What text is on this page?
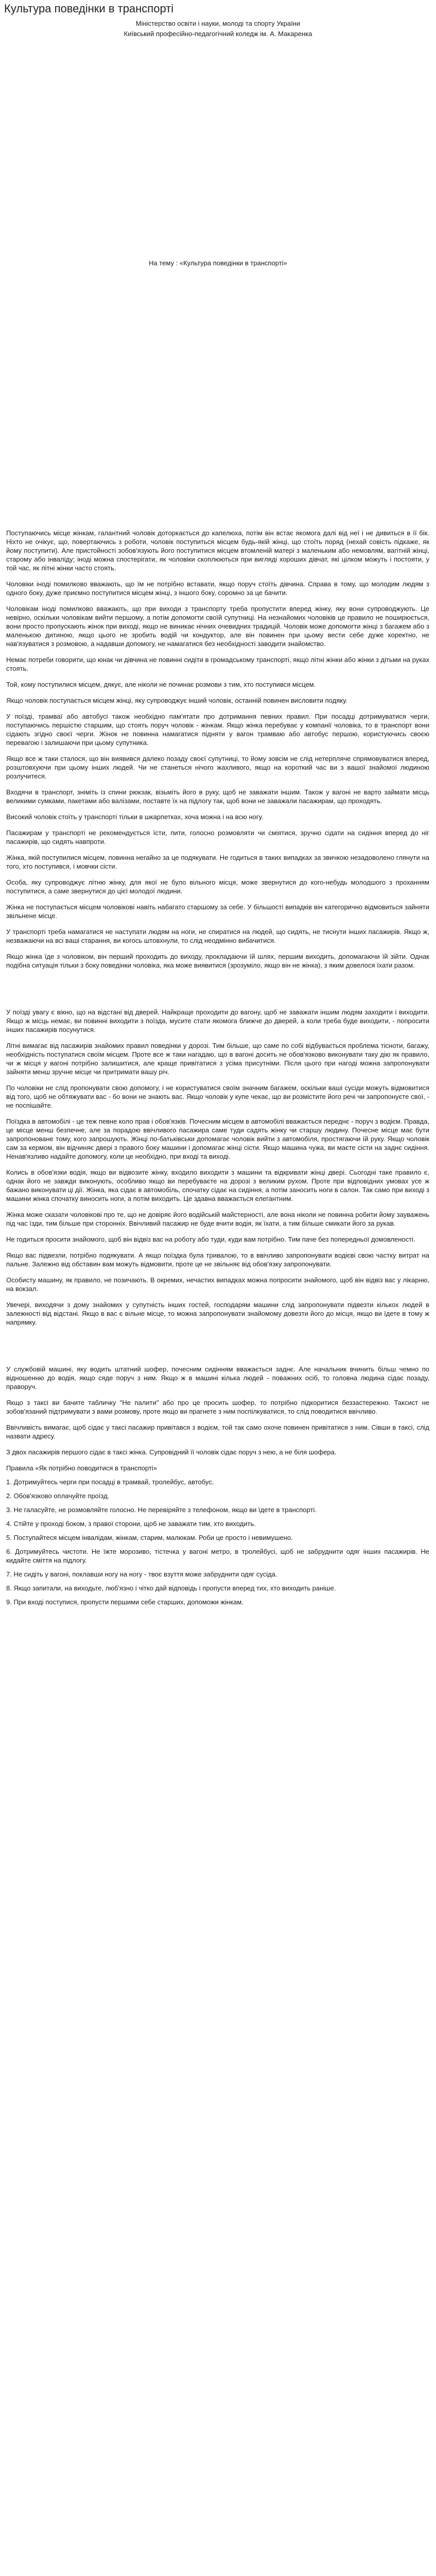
Культура поведінки в транспорті

Міністерство освіти і науки, молоді та спорту України

Київський професійно-педагогічний коледж ім. А. Макаренка

На тему : «Культура поведінки в транспорті»

Поступаючись місце жінкам, галантний чоловік доторкається до капелюха, потім він встає якомога далі від неї і не дивиться в її бік. Ніхто не очікує, що, повертаючись з роботи, чоловік поступиться місцем будь-якій жінці, що стоїть поряд (нехай совість підкаже, як йому поступити). Але пристойності зобов'язують його поступитися місцем втомленій матері з маленьким або немовлям, вагітній жінці, старому або інваліду; іноді можна спостерігати, як чоловіки скоплюються при вигляді хороших дівчат, які цілком можуть і постояти, у той час, як літні жінки часто стоять.

Чоловіки іноді помилково вважають, що їм не потрібно вставати, якщо поруч стоїть дівчина. Справа в тому, що молодим людям з одного боку, дуже приємно поступитися місцем жінці, з іншого боку, соромно за це бачити.

Чоловікам іноді помилково вважають, що при виходи з транспорту треба пропустити вперед жінку, яку вони супроводжують. Це невірно, оскільки чоловікам вийти першому, а потім допомогти своїй супутниці. На незнайомих чоловіків це правило не поширюється, вони просто пропускають жінок при виході, якщо не виникає нічних очевидних традицій. Чоловік може допомогти жінці з багажем або з маленькою дитиною, якщо цього не зробить водій чи кондуктор, але він повинен при цьому вести себе дуже коректно, не нав'язуватися з розмовою, а надавши допомогу, не намагатися без необхідності заводити знайомство.

Немає потреби говорити, що юнак чи дівчина не повинні сидіти в громадському транспорті, якщо літні жінки або жінки з дітьми на руках стоять.

Той, кому поступилися місцем, дякує, але ніколи не починає розмови з тим, хто поступився місцем.

Якщо чоловік поступається місцем жінці, яку супроводжує інший чоловік, останній повинен висловити подяку.

У поїзді, трамваї або автобусі також необхідно пам'ятати про дотримання певних правил. При посадці дотримуватися черги, поступаючись першістю старшим, що стоять поруч чоловік - жінкам. Якщо жінка перебуває у компанії чоловіка, то в транспорт вони сідають згідно своєї черги. Жінок не повинна намагатися підняти у вагон трамваю або автобус першою, користуючись своєю перевагою і залишаючи при цьому супутника.

Якщо все ж таки сталося, що він виявився далеко позаду своєї супутниці, то йому зовсім не слід нетерпляче спрямовуватися вперед, розштовхуючи при цьому інших людей. Чи не станеться нічого жахливого, якщо на короткий час ви з вашої знайомої людиною розлучитеся.

Входячи в транспорт, зніміть із спини рюкзак, візьміть його в руку, щоб не заважати іншим. Також у вагоні не варто займати місць великими сумками, пакетами або валізами, поставте їх на підлогу так, щоб вони не заважали пасажирам, що проходять.

Високий чоловік стоїть у транспорті тільки в шкарпетках, хоча можна і на всю ногу.

Пасажирам у транспорті не рекомендується їсти, пити, голосно розмовляти чи сміятися, зручно сідати на сидіння вперед до ніг пасажирів, що сидять навпроти.

Жінка, якій поступилися місцем, повинна негайно за це подякувати. Не годиться в таких випадках за звичкою незадоволено глянути на того, хто поступився, і мовчки сісти.

Особа, яку супроводжує літню жінку, для якої не було вільного місця, може звернутися до кого-небудь молодшого з проханням поступитися, а саме звернутися до цієї молодої людини.

Жінка не поступається місцем чоловікові навіть набагато старшому за себе. У більшості випадків він категорично відмовиться зайняти звільнене місце.

У транспорті треба намагатися не наступати людям на ноги, не спиратися на людей, що сидять, не тиснути інших пасажирів. Якщо ж, незважаючи на всі ваші старання, ви когось штовхнули, то слід неодмінно вибачитися.

Якщо жінка їде з чоловіком, він перший проходить до виходу, прокладаючи їй шлях, першим виходить, допомагаючи їй зійти. Однак подібна ситуація тільки з боку поведінки чоловіка, яка може виявитися (зрозуміло, якщо він не жінка), з яким довелося їхати разом.

У поїзді увагу є вікно, що на відстані від дверей. Найкраще проходити до вагону, щоб не заважати іншим людям заходити і виходити. Якщо ж місць немає, ви повинні виходити з поїзда, мусите стати якомога ближче до дверей, а коли треба буде виходити, - попросити інших пасажирів посунутися.

Літні вимагає від пасажирів знайомих правил поведінки у дорозі. Тим більше, що саме по собі відбувається проблема тісноти, багажу, необхідність поступатися своїм місцем. Проте все ж таки нагадаю, що в вагоні досить не обов'язково виконувати таку дію як правило, чи ж місця у вагоні потрібно залишитися, але краще привітатися з усіма присутніми. Після цього при нагоді можна запропонувати зайняти менш зручне місце чи притримати вашу річ.

По чоловіки не слід пропонувати свою допомогу, і не користуватися своїм значним багажем, оскільки ваші сусіди можуть відмовитися від того, щоб не обтяжувати вас - бо вони не знають вас. Якщо чоловік у купе чекає, що ви розмістите його речі чи запропонуєте свої, - не поспішайте.

Поїздка в автомобілі - це теж певне коло прав і обов'язків. Почесним місцем в автомобілі вважається переднє - поруч з водієм. Правда, це місце менш безпечне, але за порадою ввічливого пасажира саме туди садять жінку чи старшу людину. Почесне місце має бути запропоноване тому, кого запрошують. Жінці по-батьківськи допомагає чоловік вийти з автомобіля, простягаючи їй руку. Якщо чоловік сам за кермом, він відчиняє двері з правого боку машини і допомагає жінці сісти. Якщо машина чужа, ви маєте сісти на заднє сидіння. Ненав'язливо надайте допомогу, коли це необхідно, при вході та виході.

Колись в обов'язки водія, якщо ви відвозите жінку, входило виходити з машини та відкривати жінці двері. Сьогодні таке правило є, однак його не завжди виконують, особливо якщо ви перебуваєте на дорозі з великим рухом. Проте при відповідних умовах усе ж бажано виконувати ці дії. Жінка, яка сідає в автомобіль, спочатку сідає на сидіння, а потім заносить ноги в салон. Так само при виході з машини жінка спочатку виносить ноги, а потім виходить. Це здавна вважається елегантним.

Жінка може сказати чоловікові про те, що не довіряє його водійській майстерності, але вона ніколи не повинна робити йому зауважень під час їзди, тим більше при сторонніх. Ввічливий пасажир не буде вчити водія, як їхати, а тим більше смикати його за рукав.

Не годиться просити знайомого, щоб він відвіз вас на роботу або туди, куди вам потрібно. Тим паче без попередньої домовленості.

Якщо вас підвезли, потрібно подякувати. А якщо поїздка була тривалою, то в ввічливо запропонувати водієві свою частку витрат на пальне. Залежно від обставин вам можуть відмовити, проте це не звільняє від обов'язку запропонувати.

Особисту машину, як правило, не позичають. В окремих, нечастих випадках можна попросити знайомого, щоб він відвіз вас у лікарню, на вокзал.

Увечері, виходячи з дому знайомих у супутність інших гостей, господарям машини слід запропонувати підвезти кількох людей в залежності від відстані. Якщо в вас є вільне місце, то можна запропонувати знайомому довезти його до місця, якщо ви їдете в тому ж напрямку.

У службовій машині, яку водить штатний шофер, почесним сидінням вважається заднє. Але начальник вчинить більш чемно по відношенню до водія, якщо сяде поруч з ним. Якщо ж в машині кілька людей - поважних осіб, то головна людина сідає позаду, праворуч.

Якщо з таксі ви бачите табличку "Не палити" або про це просить шофер, то потрібно підкоритися беззастережно. Таксист не зобов'язаний підтримувати з вами розмову, проте якщо ви прагнете з ним поспілкуватися, то слід поводитися ввічливо.

Ввічливість вимагає, щоб сідає у таксі пасажир привітався з водієм, той так само охоче повинен привітатися з ним. Сівши в таксі, слід назвати адресу.

З двох пасажирів першого сідає в таксі жінка. Супровідний її чоловік сідає поруч з нею, а не біля шофера.

Правила «Як потрібно поводитися в транспорті»

1. Дотримуйтесь черги при посадці в трамвай, тролейбус, автобус.

2. Обов'язково оплачуйте проїзд.

3. Не галасуйте, не розмовляйте голосно. Не перевіряйте з телефоном, якщо ви їдете в транспорті.

4. Стійте у проході боком, з правої сторони, щоб не заважати тим, хто виходить.

5. Поступайтеся місцем інвалідам, жінкам, старим, малюкам. Роби це просто і невимушено.

6. Дотримуйтесь чистоти. Не їжте морозиво, тістечка у вагоні метро, в тролейбусі, щоб не забруднити одяг інших пасажирів. Не кидайте сміття на підлогу.

7. Не сидіть у вагоні, поклавши ногу на ногу - твоє взуття може забруднити одяг сусіда.

8. Якщо запитали, на виходьте, люб'язно і чітко дай відповідь і пропусти вперед тих, хто виходить раніше.

9. При вході поступися, пропусти першими себе старших, допоможи жінкам.
